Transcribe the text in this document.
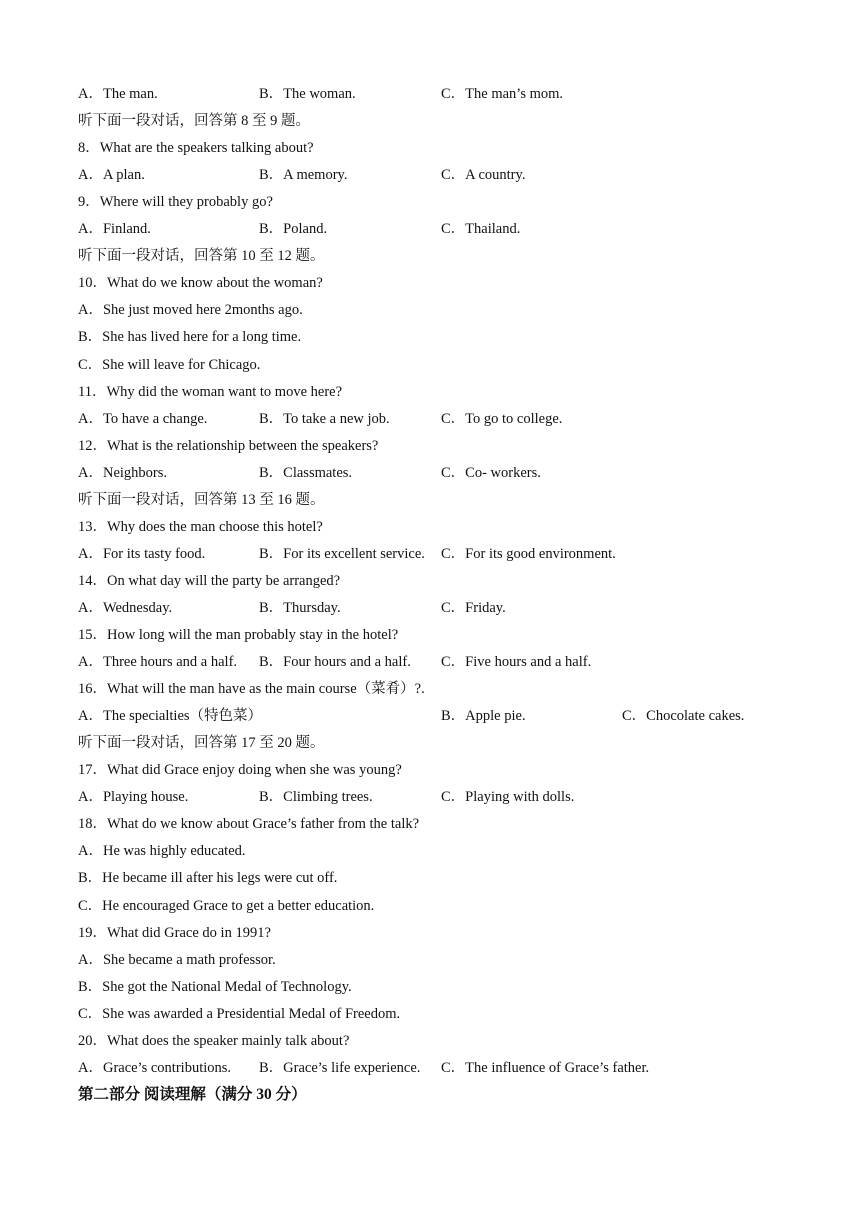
A．The man.	B．The woman.	C．The man’s mom.
听下面一段对话，回答第 8 至 9 题。
8．What are the speakers talking about?
A．A plan.	B．A memory.	C．A country.
9．Where will they probably go?
A．Finland.	B．Poland.	C．Thailand.
听下面一段对话，回答第 10 至 12 题。
10．What do we know about the woman?
A．She just moved here 2months ago.
B．She has lived here for a long time.
C．She will leave for Chicago.
11．Why did the woman want to move here?
A．To have a change.	B．To take a new job.	C．To go to college.
12．What is the relationship between the speakers?
A．Neighbors.	B．Classmates.	C．Co- workers.
听下面一段对话，回答第 13 至 16 题。
13．Why does the man choose this hotel?
A．For its tasty food.	B．For its excellent service. C．For its good environment.
14．On what day will the party be arranged?
A．Wednesday.	B．Thursday.	C．Friday.
15．How long will the man probably stay in the hotel?
A．Three hours and a half. B．Four hours and a half. C．Five hours and a half.
16．What will the man have as the main course（菜肴）?.
A．The specialties（特色菜）	B．Apple pie.	C．Chocolate cakes.
听下面一段对话，回答第 17 至 20 题。
17．What did Grace enjoy doing when she was young?
A．Playing house.	B．Climbing trees.	C．Playing with dolls.
18．What do we know about Grace’s father from the talk?
A．He was highly educated.
B．He became ill after his legs were cut off.
C．He encouraged Grace to get a better education.
19．What did Grace do in 1991?
A．She became a math professor.
B．She got the National Medal of Technology.
C．She was awarded a Presidential Medal of Freedom.
20．What does the speaker mainly talk about?
A．Grace’s contributions. B．Grace’s life experience. C．The influence of Grace’s father.
第二部分 阅读理解（满分 30 分）
